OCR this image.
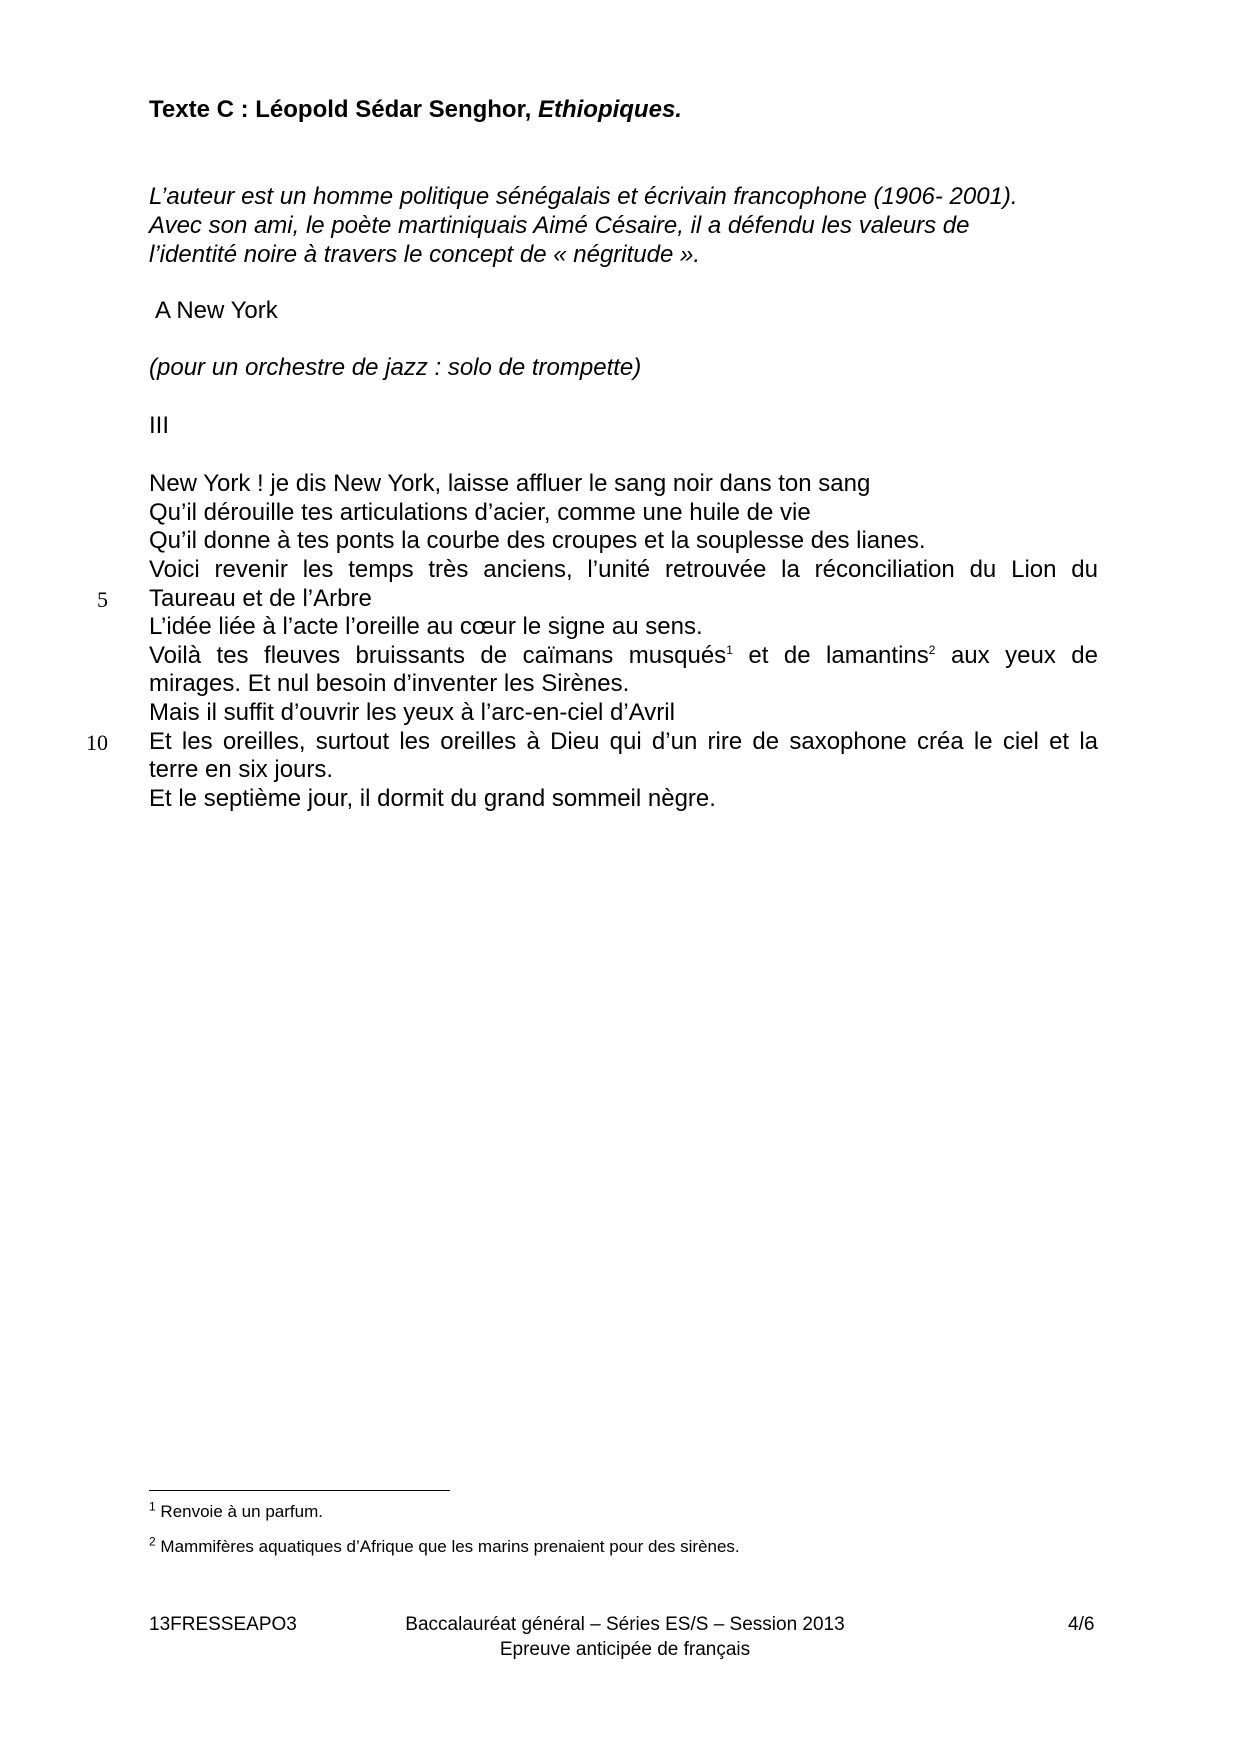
Texte C : Léopold Sédar Senghor, Ethiopiques.
L’auteur est un homme politique sénégalais et écrivain francophone (1906- 2001).
Avec son ami, le poète martiniquais Aimé Césaire, il a défendu les valeurs de
l’identité noire à travers le concept de « négritude ».
A New York
(pour un orchestre de jazz : solo de trompette)
III
New York ! je dis New York, laisse affluer le sang noir dans ton sang
Qu’il dérouille tes articulations d’acier, comme une huile de vie
Qu’il donne à tes ponts la courbe des croupes et la souplesse des lianes.
Voici revenir les temps très anciens, l’unité retrouvée la réconciliation du Lion du
Taureau et de l’Arbre
L’idée liée à l’acte l’oreille au cœur le signe au sens.
Voilà tes fleuves bruissants de caïmans musqués$^1$ et de lamantins$^2$ aux yeux de
mirages. Et nul besoin d’inventer les Sirènes.
Mais il suffit d’ouvrir les yeux à l’arc-en-ciel d’Avril
Et les oreilles, surtout les oreilles à Dieu qui d’un rire de saxophone créa le ciel et la
terre en six jours.
Et le septième jour, il dormit du grand sommeil nègre.
5
10
$^1$ Renvoie à un parfum.
$^2$ Mammifères aquatiques d’Afrique que les marins prenaient pour des sirènes.
13FRESSEAPO3	Baccalauréat général – Séries ES/S – Session 2013
Epreuve anticipée de français
4/6
